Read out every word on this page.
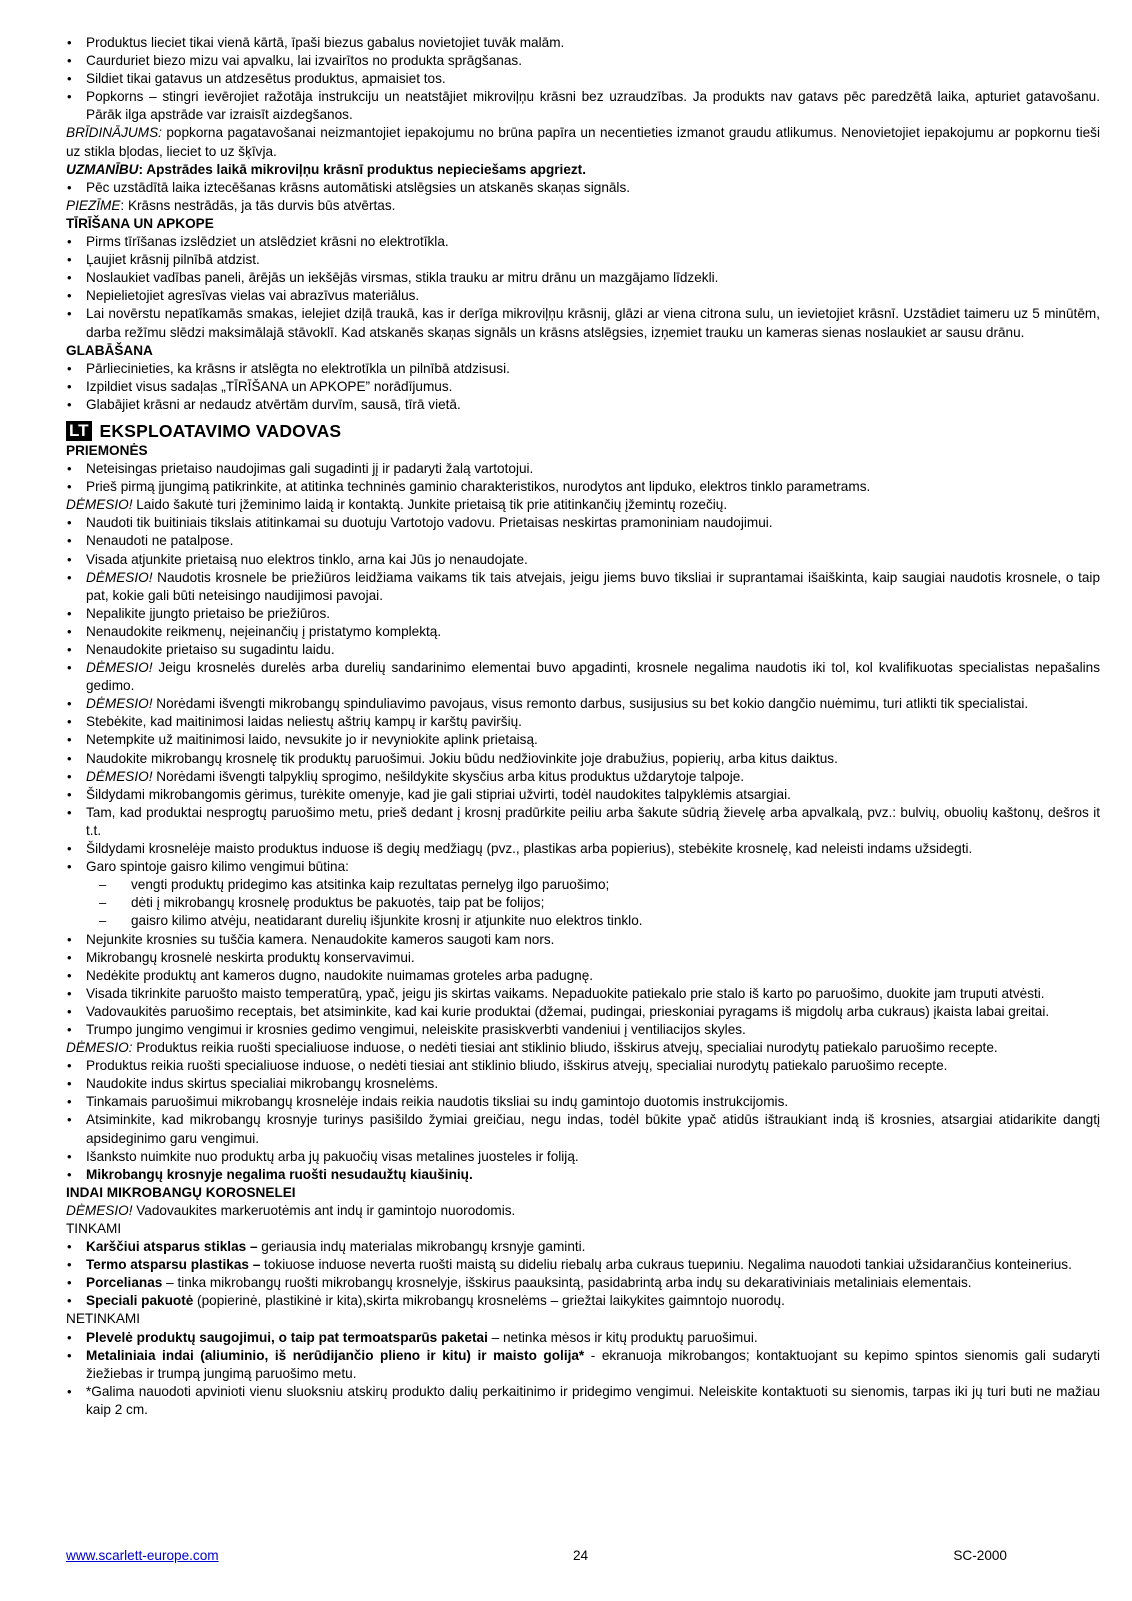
• Produktus lieciet tikai vienā kārtā, īpaši biezus gabalus novietojiet tuvāk malām.
• Caurduriet biezo mizu vai apvalku, lai izvairītos no produkta sprāgšanas.
• Sildiet tikai gatavus un atdzesētus produktus, apmaisiet tos.
• Popkorns – stingri ievērojiet ražotāja instrukciju un neatstājiet mikroviļņu krāsni bez uzraudzības. Ja produkts nav gatavs pēc paredzētā laika, apturiet gatavošanu. Pārāk ilga apstrāde var izraisīt aizdegšanos.

BRĪDINĀJUMS: popkorna pagatavošanai neizmantojiet iepakojumu no brūna papīra un necentieties izmanot graudu atlikumus. Nenovietojiet iepakojumu ar popkornu tieši uz stikla bļodas, lieciet to uz šķīvja.

UZMANĪBU: Apstrādes laikā mikroviļņu krāsnī produktus nepieciešams apgriezt.

• Pēc uzstādītā laika iztecēšanas krāsns automātiski atslēgsies un atskanēs skaņas signāls.

PIEZĪME: Krāsns nestrādās, ja tās durvis būs atvērtas.

TĪRĪŠANA UN APKOPE
• Pirms tīrīšanas izslēdziet un atslēdziet krāsni no elektrotīkla.
• Ļaujiet krāsnij pilnībā atdzist.
• Noslaukiet vadības paneli, ārējās un iekšējās virsmas, stikla trauku ar mitru drānu un mazgājamo līdzekli.
• Nepielietojiet agresīvas vielas vai abrazīvus materiālus.
• Lai novērstu nepatīkamās smakas, ielejiet dziļā traukā, kas ir derīga mikroviļņu krāsnij, glāzi ar viena citrona sulu, un ievietojiet krāsnī. Uzstādiet taimeru uz 5 minūtēm, darba režīmu slēdzi maksimālajā stāvoklī. Kad atskanēs skaņas signāls un krāsns atslēgsies, izņemiet trauku un kameras sienas noslaukiet ar sausu drānu.
GLABĀŠANA
• Pārliecinieties, ka krāsns ir atslēgta no elektrotīkla un pilnībā atdzisusi.
• Izpildiet visus sadaļas „TĪRĪŠANA un APKOPE” norādījumus.
• Glabājiet krāsni ar nedaudz atvērtām durvīm, sausā, tīrā vietā.
LT EKSPLOATAVIMO VADOVAS
PRIEMONĖS
• Neteisingas prietaiso naudojimas gali sugadinti jį ir padaryti žalą vartotojui.
• Prieš pirmą įjungimą patikrinkite, at atitinka techninės gaminio charakteristikos, nurodytos ant lipduko, elektros tinklo parametrams.

DĖMESIO! Laido šakutė turi įžeminimo laidą ir kontaktą. Junkite prietaisą tik prie atitinkančių įžemintų rozečių.

• Naudoti tik buitiniais tikslais atitinkamai su duotuju Vartotojo vadovu. Prietaisas neskirtas pramoniniam naudojimui.
• Nenaudoti ne patalpose.
• Visada atjunkite prietaisą nuo elektros tinklo, arna kai Jūs jo nenaudojate.
• DĖMESIO! Naudotis krosnele be priežiūros leidžiama vaikams tik tais atvejais, jeigu jiems buvo tiksliai ir suprantamai išaiškinta, kaip saugiai naudotis krosnele, o taip pat, kokie gali būti neteisingo naudijimosi pavojai.
• Nepalikite įjungto prietaiso be priežiūros.
• Nenaudokite reikmenų, neįeinančių į pristatymo komplektą.
• Nenaudokite prietaiso su sugadintu laidu.
• DĖMESIO! Jeigu krosnelės durelės arba durelių sandarinimo elementai buvo apgadinti, krosnele negalima naudotis iki tol, kol kvalifikuotas specialistas nepašalins gedimo.
• DĖMESIO! Norėdami išvengti mikrobangų spinduliavimo pavojaus, visus remonto darbus, susijusius su bet kokio dangčio nuėmimu, turi atlikti tik specialistai.
• Stebėkite, kad maitinimosi laidas neliestų aštrių kampų ir karštų paviršių.
• Netempkite už maitinimosi laido, nevsukite jo ir nevyniokite aplink prietaisą.
• Naudokite mikrobangų krosnelę tik produktų paruošimui. Jokiu būdu nedžiovinkite joje drabužius, popierių, arba kitus daiktus.
• DĖMESIO! Norėdami išvengti talpyklių sprogimo, nešildykite skysčius arba kitus produktus uždarytoje talpoje.
• Šildydami mikrobangomis gėrimus, turėkite omenyje, kad jie gali stipriai užvirti, todėl naudokites talpyklėmis atsargiai.
• Tam, kad produktai nesprogtų paruošimo metu, prieš dedant į krosnį pradūrkite peiliu arba šakute sūdrią žievelę arba apvalkalą, pvz.: bulvių, obuolių kaštonų, dešros it t.t.
• Šildydami krosnelėje maisto produktus induose iš degių medžiagų (pvz., plastikas arba popierius), stebėkite krosnelę, kad neleisti indams užsidegti.
• Garo spintoje gaisro kilimo vengimui būtina:
– vengti produktų pridegimo kas atsitinka kaip rezultatas pernelyg ilgo paruošimo;
– dėti į mikrobangų krosnelę produktus be pakuotės, taip pat be folijos;
– gaisro kilimo atvėju, neatidarant durelių išjunkite krosnį ir atjunkite nuo elektros tinklo.
• Nejunkite krosnies su tuščia kamera. Nenaudokite kameros saugoti kam nors.
• Mikrobangų krosnelė neskirta produktų konservavimui.
• Nedėkite produktų ant kameros dugno, naudokite nuimamas groteles arba padugnę.
• Visada tikrinkite paruošto maisto temperatūrą, ypač, jeigu jis skirtas vaikams. Nepaduokite patiekalo prie stalo iš karto po paruošimo, duokite jam truputi atvėsti.
• Vadovaukitės paruošimo receptais, bet atsiminkite, kad kai kurie produktai (džemai, pudingai, prieskoniai pyragams iš migdolų arba cukraus) įkaista labai greitai.
• Trumpo jungimo vengimui ir krosnies gedimo vengimui, neleiskite prasiskverbti vandeniui į ventiliacijos skyles.

DĖMESIO: Produktus reikia ruošti specialiuose induose, o nedėti tiesiai ant stiklinio bliudo, išskirus atvejų, specialiai nurodytų patiekalo paruošimo recepte.

• Produktus reikia ruošti specialiuose induose, o nedėti tiesiai ant stiklinio bliudo, išskirus atvejų, specialiai nurodytų patiekalo paruošimo recepte.
• Naudokite indus skirtus specialiai mikrobangų krosnelėms.
• Tinkamais paruošimui mikrobangų krosnelėje indais reikia naudotis tiksliai su indų gamintojo duotomis instrukcijomis.
• Atsiminkite, kad mikrobangų krosnyje turinys pasišildo žymiai greičiau, negu indas, todėl būkite ypač atidūs ištraukiant indą iš krosnies, atsargiai atidarikite dangtį apsideginimo garu vengimui.
• Išanksto nuimkite nuo produktų arba jų pakuočių visas metalines juosteles ir foliją.
• Mikrobangų krosnyje negalima ruošti nesudaužtų kiaušinių.
INDAI MIKROBANGŲ KOROSNELEI

DĖMESIO! Vadovaukites markeruotėmis ant indų ir gamintojo nuorodomis.

TINKAMI
• Karščiui atsparus stiklas – geriausia indų materialas mikrobangų krsnyje gaminti.
• Termo atsparsu plastikas – tokiuose induose neverta ruošti maistą su dideliu riebalų arba cukraus tuериniu. Negalima nauodoti tankiai užsidarančius konteinerius.
• Porcelianas – tinka mikrobangų ruošti mikrobangų krosnelyje, išskirus paauksintą, pasidabrintą arba indų su dekarativiniais metaliniais elementais.
• Speciali pakuotė (popierinė, plastikinė ir kita),skirta mikrobangų krosnelėms – griežtai laikykites gaimntojo nuorodų.
NETINKAMI
• Plevelė produktų saugojimui, o taip pat termoatsparūs paketai – netinka mėsos ir kitų produktų paruošimui.
• Metaliniaia indai (aliuminio, iš nerūdijančio plieno ir kitu) ir maisto golija* - ekranuoja mikrobangos; kontaktuojant su kepimo spintos sienomis gali sudaryti žiežiebas ir trumpą jungimą paruošimo metu.
• *Galima nauodoti apvinioti vienu sluoksniu atskirų produkto dalių perkaitinimo ir pridegimo vengimui. Neleiskite kontaktuoti su sienomis, tarpas iki jų turi buti ne mažiau kaip 2 cm.
www.scarlett-europe.com	24	SC-2000
